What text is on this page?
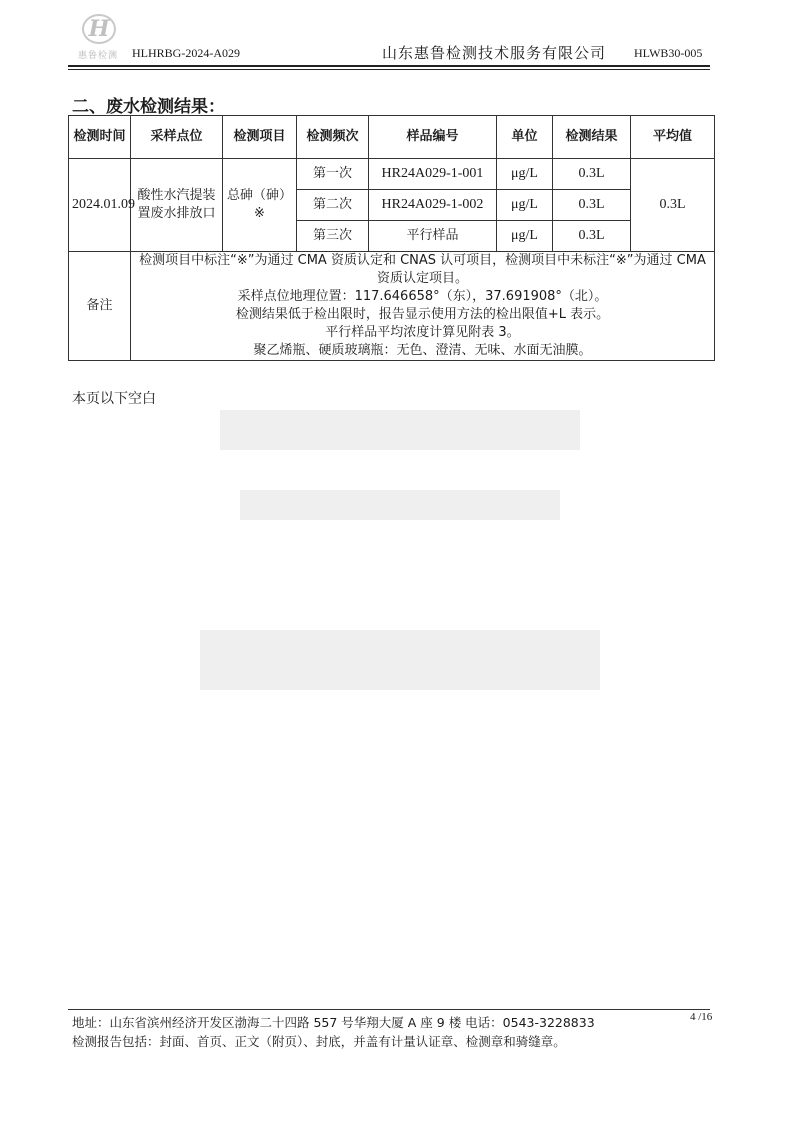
H
惠鲁检测	HLHRBG-2024-A029	山东惠鲁检测技术服务有限公司 HLWB30-005
二、废水检测结果：
检测时间	采样点位	检测项目	检测频次	样品编号	单位	检测结果	平均值
2024.01.09	酸性水汽提装置废水排放口	总砷（砷）※	第一次	HR24A029-1-001	μg/L	0.3L	0.3L
			第二次	HR24A029-1-002	μg/L	0.3L	
			第三次	平行样品	μg/L	0.3L	
备注	检测项目中标注“※”为通过 CMA 资质认定和 CNAS 认可项目，检测项目中未标注“※”为通过 CMA 资质认定项目。
采样点位地理位置：117.646658°（东），37.691908°（北）。
检测结果低于检出限时，报告显示使用方法的检出限值+L 表示。
平行样品平均浓度计算见附表 3。
聚乙烯瓶、硬质玻璃瓶：无色、澄清、无味、水面无油膜。						
本页以下空白
地址：山东省滨州经济开发区渤海二十四路 557 号华翔大厦 A 座 9 楼 电话：0543-3228833	4 /16
检测报告包括：封面、首页、正文（附页）、封底，并盖有计量认证章、检测章和骑缝章。
